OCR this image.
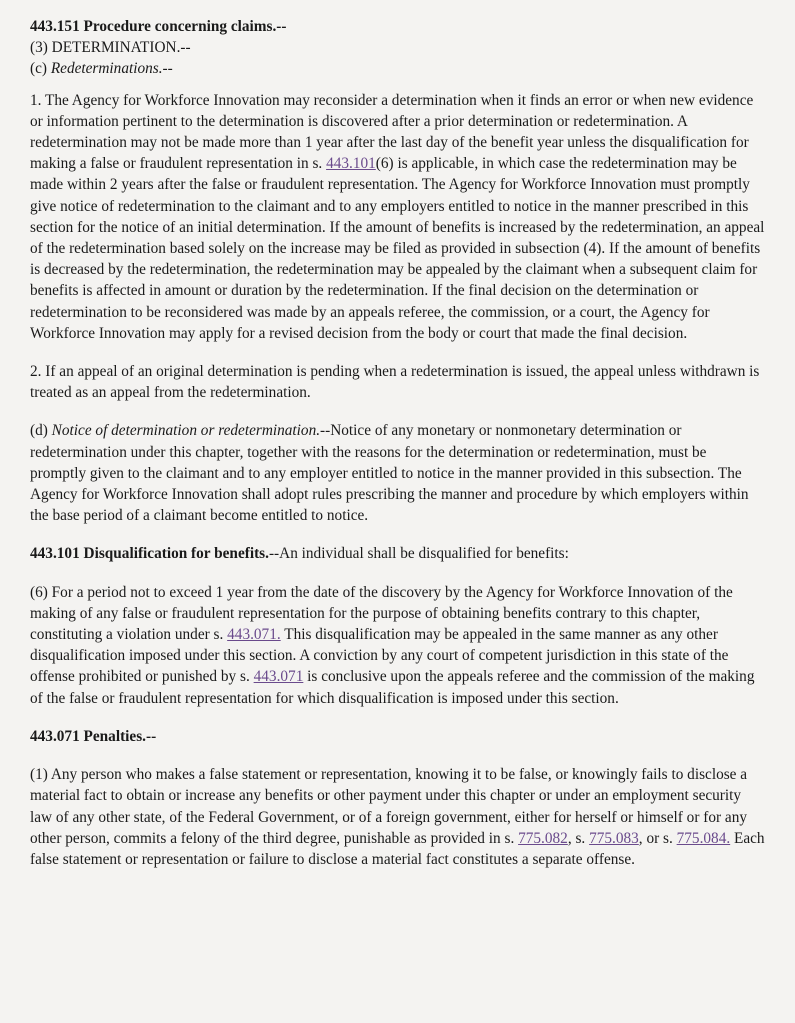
443.151 Procedure concerning claims.--
(3) DETERMINATION.--
(c) Redeterminations.--

1. The Agency for Workforce Innovation may reconsider a determination when it finds an error or when new evidence or information pertinent to the determination is discovered after a prior determination or redetermination. A redetermination may not be made more than 1 year after the last day of the benefit year unless the disqualification for making a false or fraudulent representation in s. 443.101(6) is applicable, in which case the redetermination may be made within 2 years after the false or fraudulent representation. The Agency for Workforce Innovation must promptly give notice of redetermination to the claimant and to any employers entitled to notice in the manner prescribed in this section for the notice of an initial determination. If the amount of benefits is increased by the redetermination, an appeal of the redetermination based solely on the increase may be filed as provided in subsection (4). If the amount of benefits is decreased by the redetermination, the redetermination may be appealed by the claimant when a subsequent claim for benefits is affected in amount or duration by the redetermination. If the final decision on the determination or redetermination to be reconsidered was made by an appeals referee, the commission, or a court, the Agency for Workforce Innovation may apply for a revised decision from the body or court that made the final decision.

2. If an appeal of an original determination is pending when a redetermination is issued, the appeal unless withdrawn is treated as an appeal from the redetermination.

(d) Notice of determination or redetermination.--Notice of any monetary or nonmonetary determination or redetermination under this chapter, together with the reasons for the determination or redetermination, must be promptly given to the claimant and to any employer entitled to notice in the manner provided in this subsection. The Agency for Workforce Innovation shall adopt rules prescribing the manner and procedure by which employers within the base period of a claimant become entitled to notice.

443.101 Disqualification for benefits.--An individual shall be disqualified for benefits:

(6) For a period not to exceed 1 year from the date of the discovery by the Agency for Workforce Innovation of the making of any false or fraudulent representation for the purpose of obtaining benefits contrary to this chapter, constituting a violation under s. 443.071. This disqualification may be appealed in the same manner as any other disqualification imposed under this section. A conviction by any court of competent jurisdiction in this state of the offense prohibited or punished by s. 443.071 is conclusive upon the appeals referee and the commission of the making of the false or fraudulent representation for which disqualification is imposed under this section.

443.071 Penalties.--

(1) Any person who makes a false statement or representation, knowing it to be false, or knowingly fails to disclose a material fact to obtain or increase any benefits or other payment under this chapter or under an employment security law of any other state, of the Federal Government, or of a foreign government, either for herself or himself or for any other person, commits a felony of the third degree, punishable as provided in s. 775.082, s. 775.083, or s. 775.084. Each false statement or representation or failure to disclose a material fact constitutes a separate offense.
